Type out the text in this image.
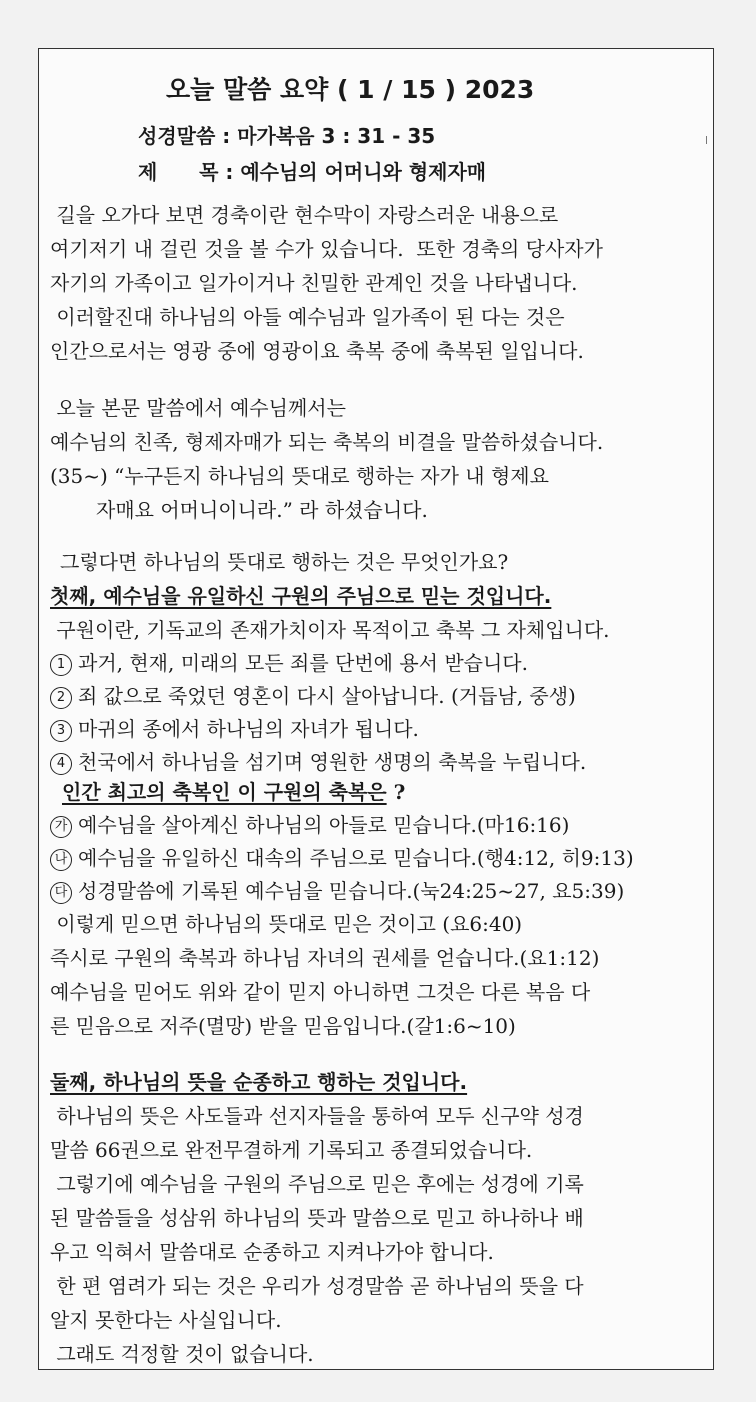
오늘 말씀 요약 ( 1 / 15 ) 2023
성경말씀 : 마가복음 3 : 31 - 35
제      목 : 예수님의 어머니와 형제자매
길을 오가다 보면 경축이란 현수막이 자랑스러운 내용으로
여기저기 내 걸린 것을 볼 수가 있습니다.  또한 경축의 당사자가
자기의 가족이고 일가이거나 친밀한 관계인 것을 나타냅니다.
이러할진대 하나님의 아들 예수님과 일가족이 된 다는 것은
인간으로서는 영광 중에 영광이요 축복 중에 축복된 일입니다.
오늘 본문 말씀에서 예수님께서는
예수님의 친족, 형제자매가 되는 축복의 비결을 말씀하셨습니다.
(35~) “누구든지 하나님의 뜻대로 행하는 자가 내 형제요
자매요 어머니이니라.” 라 하셨습니다.
그렇다면 하나님의 뜻대로 행하는 것은 무엇인가요?
첫째, 예수님을 유일하신 구원의 주님으로 믿는 것입니다.
구원이란, 기독교의 존재가치이자 목적이고 축복 그 자체입니다.
1 과거, 현재, 미래의 모든 죄를 단번에 용서 받습니다.
2 죄 값으로 죽었던 영혼이 다시 살아납니다. (거듭남, 중생)
3 마귀의 종에서 하나님의 자녀가 됩니다.
4 천국에서 하나님을 섬기며 영원한 생명의 축복을 누립니다.
인간 최고의 축복인 이 구원의 축복은 ?
가 예수님을 살아계신 하나님의 아들로 믿습니다.(마16:16)
나 예수님을 유일하신 대속의 주님으로 믿습니다.(행4:12, 히9:13)
다 성경말씀에 기록된 예수님을 믿습니다.(눅24:25~27, 요5:39)
이렇게 믿으면 하나님의 뜻대로 믿은 것이고 (요6:40)
즉시로 구원의 축복과 하나님 자녀의 권세를 얻습니다.(요1:12)
예수님을 믿어도 위와 같이 믿지 아니하면 그것은 다른 복음 다
른 믿음으로 저주(멸망) 받을 믿음입니다.(갈1:6~10)
둘째, 하나님의 뜻을 순종하고 행하는 것입니다.
하나님의 뜻은 사도들과 선지자들을 통하여 모두 신구약 성경
말씀 66권으로 완전무결하게 기록되고 종결되었습니다.
그렇기에 예수님을 구원의 주님으로 믿은 후에는 성경에 기록
된 말씀들을 성삼위 하나님의 뜻과 말씀으로 믿고 하나하나 배
우고 익혀서 말씀대로 순종하고 지켜나가야 합니다.
한 편 염려가 되는 것은 우리가 성경말씀 곧 하나님의 뜻을 다
알지 못한다는 사실입니다.
그래도 걱정할 것이 없습니다.
